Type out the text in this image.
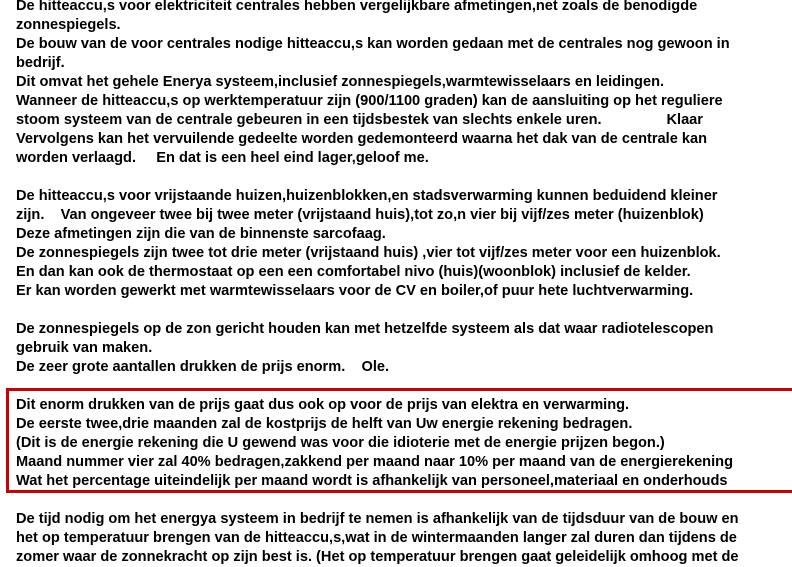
De hitteaccu,s voor elektriciteit centrales hebben vergelijkbare afmetingen,net zoals de benodigde
zonnespiegels.
De bouw van de voor centrales nodige hitteaccu,s kan worden gedaan met de centrales nog gewoon in
bedrijf.
Dit omvat het gehele Enerya systeem,inclusief zonnespiegels,warmtewisselaars en leidingen.
Wanneer de hitteaccu,s op werktemperatuur zijn (900/1100 graden) kan de aansluiting op het reguliere
stoom systeem van de centrale gebeuren in een tijdsbestek van slechts enkele uren.                Klaar
Vervolgens kan het vervuilende gedeelte worden gedemonteerd waarna het dak van de centrale kan
worden verlaagd.     En dat is een heel eind lager,geloof me.
De hitteaccu,s voor vrijstaande huizen,huizenblokken,en stadsverwarming kunnen beduidend kleiner
zijn.    Van ongeveer twee bij twee meter (vrijstaand huis),tot zo,n vier bij vijf/zes meter (huizenblok)
Deze afmetingen zijn die van de binnenste sarcofaag.
De zonnespiegels zijn twee tot drie meter (vrijstaand huis) ,vier tot vijf/zes meter voor een huizenblok.
En dan kan ook de thermostaat op een een comfortabel nivo (huis)(woonblok) inclusief de kelder.
Er kan worden gewerkt met warmtewisselaars voor de CV en boiler,of puur hete luchtverwarming.
De zonnespiegels op de zon gericht houden kan met hetzelfde systeem als dat waar radiotelescopen
gebruik van maken.
De zeer grote aantallen drukken de prijs enorm.    Ole.
Dit enorm drukken van de prijs gaat dus ook op voor de prijs van elektra en verwarming.
De eerste twee,drie maanden zal de kostprijs de helft van Uw energie rekening bedragen.
(Dit is de energie rekening die U gewend was voor die idioterie met de energie prijzen begon.)
Maand nummer vier zal 40% bedragen,zakkend per maand naar 10% per maand van de energierekening
Wat het percentage uiteindelijk per maand wordt is afhankelijk van personeel,materiaal en onderhouds
De tijd nodig om het energya systeem in bedrijf te nemen is afhankelijk van de tijdsduur van de bouw en
het op temperatuur brengen van de hitteaccu,s,wat in de wintermaanden langer zal duren dan tijdens de
zomer waar de zonnekracht op zijn best is. (Het op temperatuur brengen gaat geleidelijk omhoog met de
